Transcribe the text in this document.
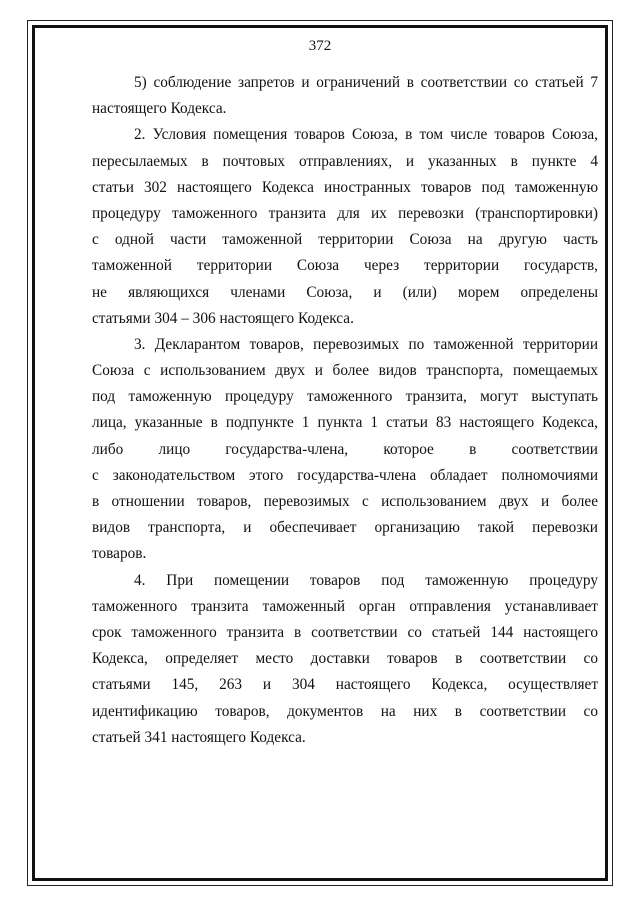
372

5) соблюдение запретов и ограничений в соответствии со статьей 7
настоящего Кодекса.

2. Условия помещения товаров Союза, в том числе товаров Союза,
пересылаемых в почтовых отправлениях, и указанных в пункте 4
статьи 302 настоящего Кодекса иностранных товаров под таможенную
процедуру таможенного транзита для их перевозки (транспортировки)
с одной части таможенной территории Союза на другую часть
таможенной территории Союза через территории государств,
не являющихся членами Союза, и (или) морем определены
статьями 304 – 306 настоящего Кодекса.

3. Декларантом товаров, перевозимых по таможенной территории
Союза с использованием двух и более видов транспорта, помещаемых
под таможенную процедуру таможенного транзита, могут выступать
лица, указанные в подпункте 1 пункта 1 статьи 83 настоящего Кодекса,
либо лицо государства-члена, которое в соответствии
с законодательством этого государства-члена обладает полномочиями
в отношении товаров, перевозимых с использованием двух и более
видов транспорта, и обеспечивает организацию такой перевозки
товаров.

4. При помещении товаров под таможенную процедуру
таможенного транзита таможенный орган отправления устанавливает
срок таможенного транзита в соответствии со статьей 144 настоящего
Кодекса, определяет место доставки товаров в соответствии со
статьями 145, 263 и 304 настоящего Кодекса, осуществляет
идентификацию товаров, документов на них в соответствии со
статьей 341 настоящего Кодекса.
